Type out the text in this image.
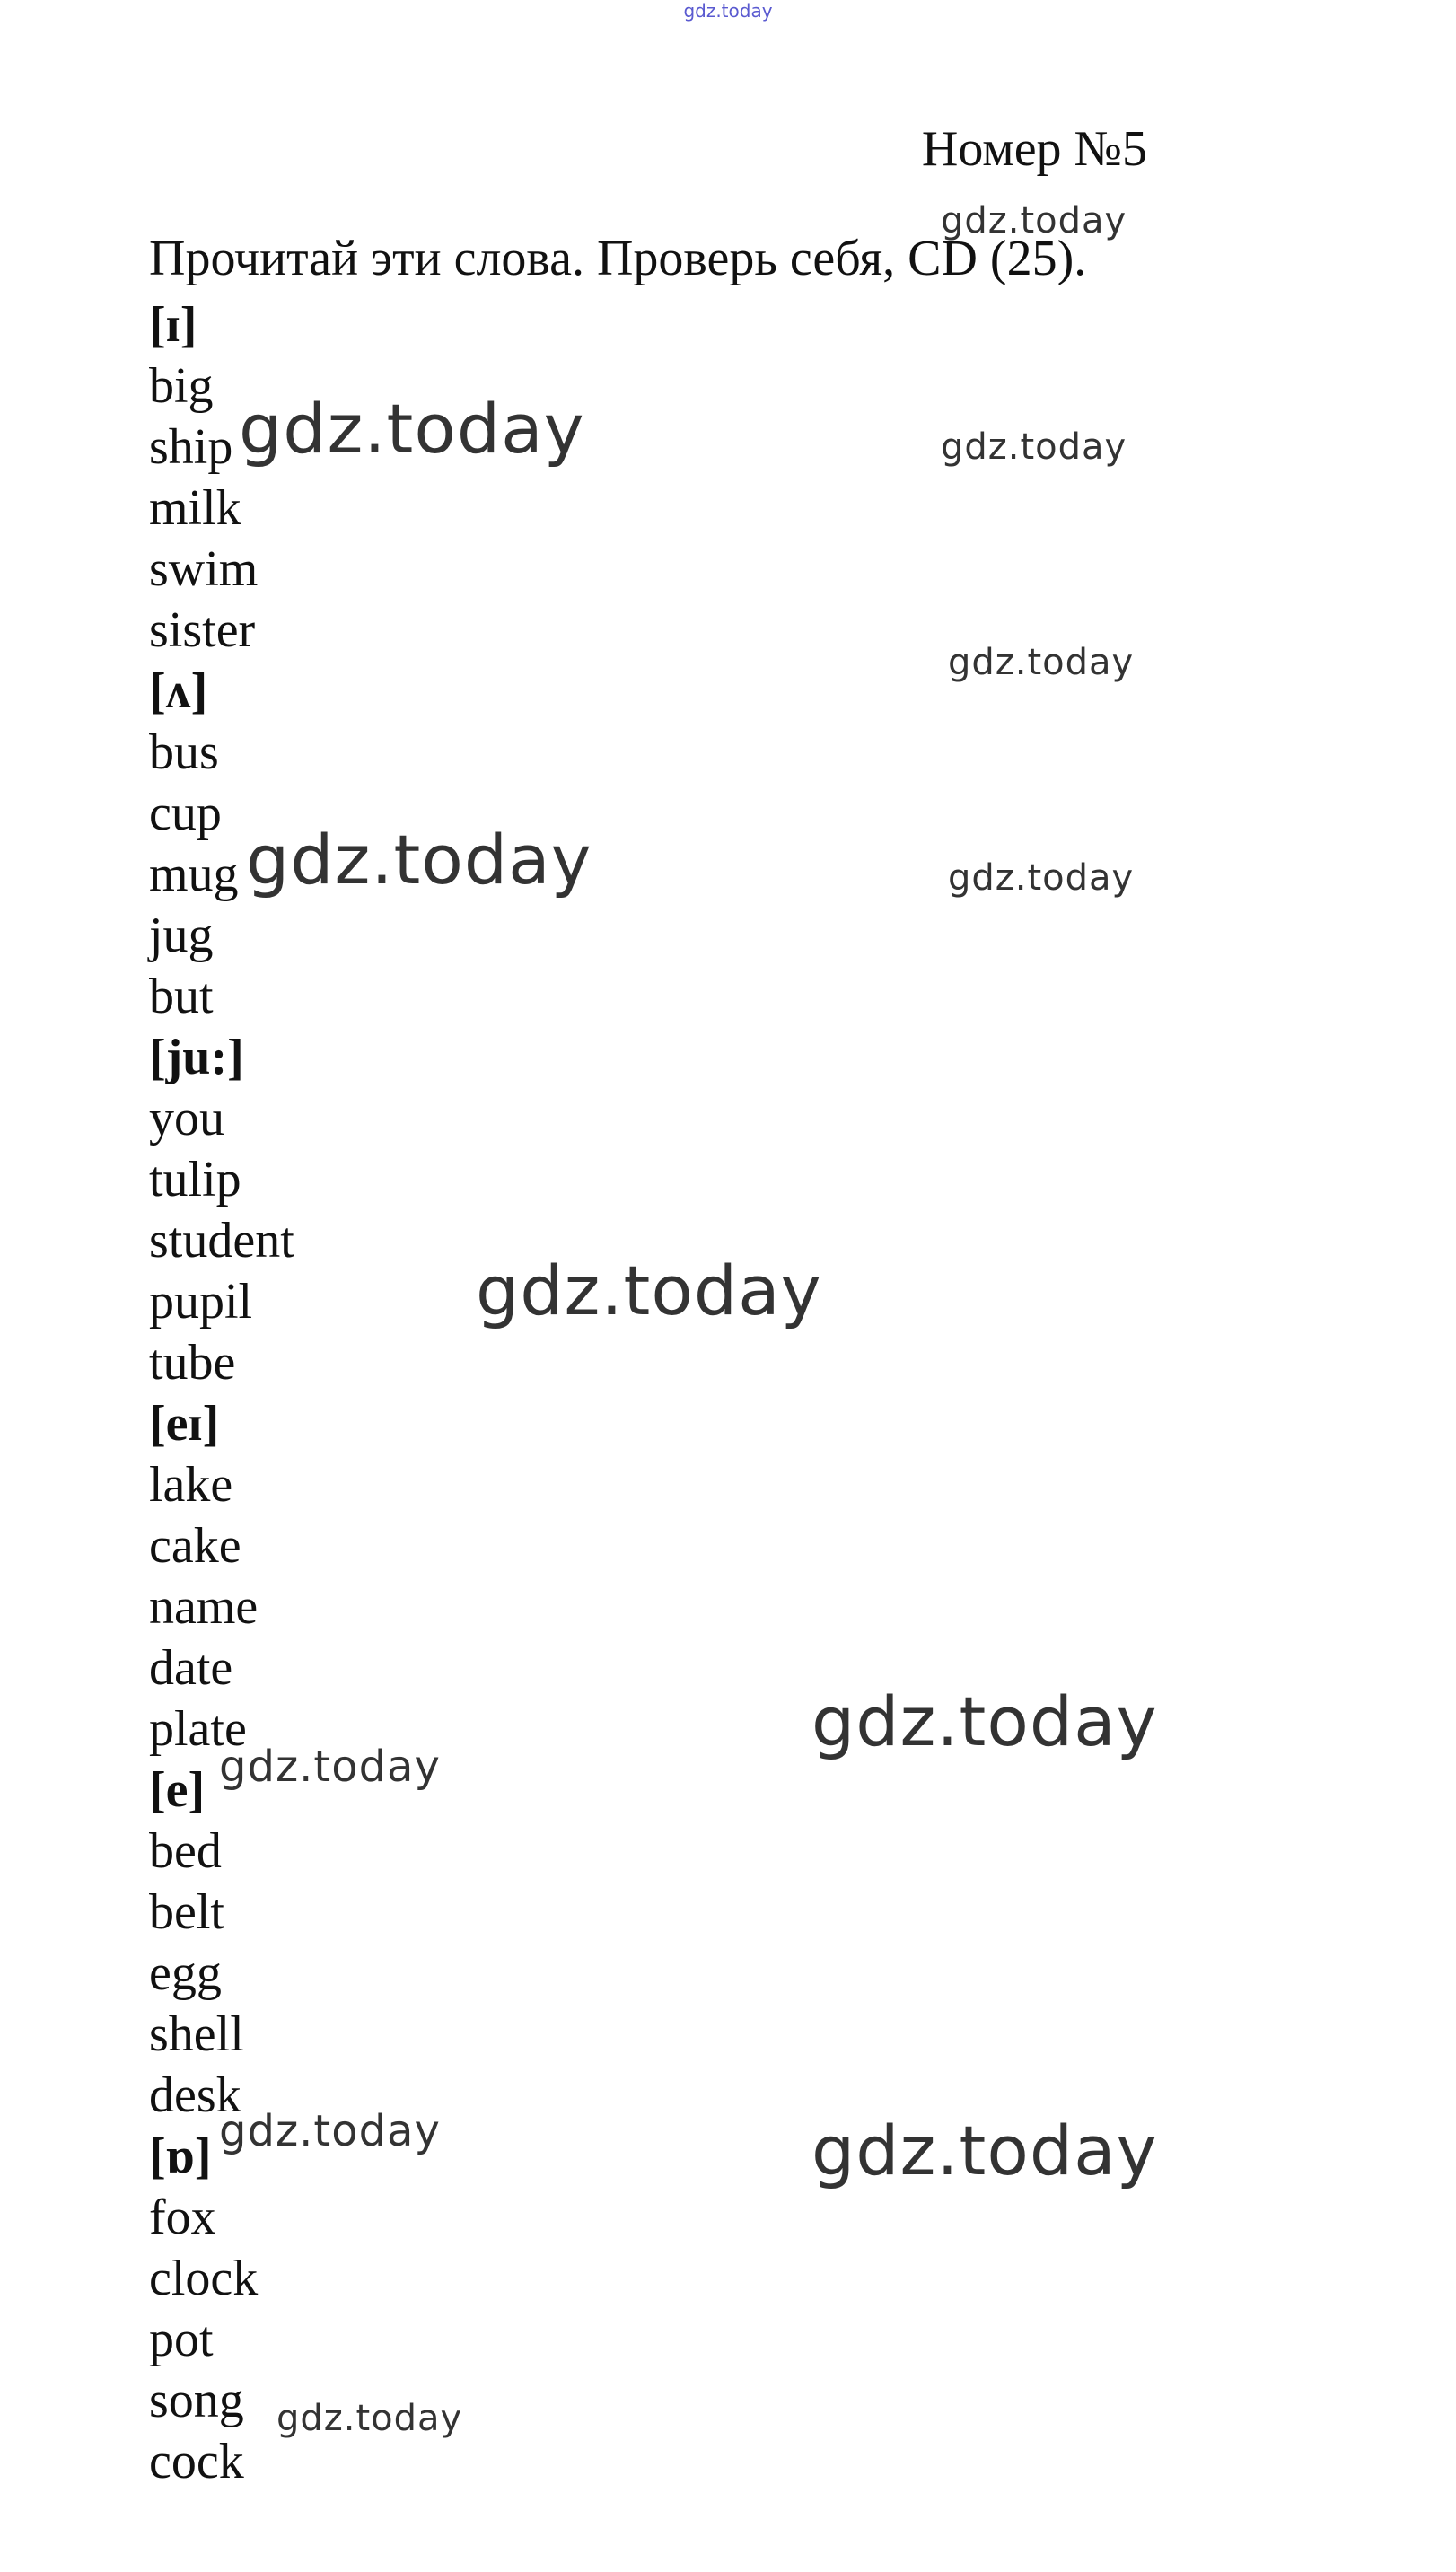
gdz.today
Номер №5
Прочитай эти слова. Проверь себя, CD (25).
[ɪ]
big
ship
milk
swim
sister
[ʌ]
bus
cup
mug
jug
but
[ju:]
you
tulip
student
pupil
tube
[eɪ]
lake
cake
name
date
plate
[e]
bed
belt
egg
shell
desk
[ɒ]
fox
clock
pot
song
cock
gdz.today
gdz.today	gdz.today
gdz.today
gdz.today	gdz.today
gdz.today
gdz.today
gdz.today
gdz.today	gdz.today
gdz.today
